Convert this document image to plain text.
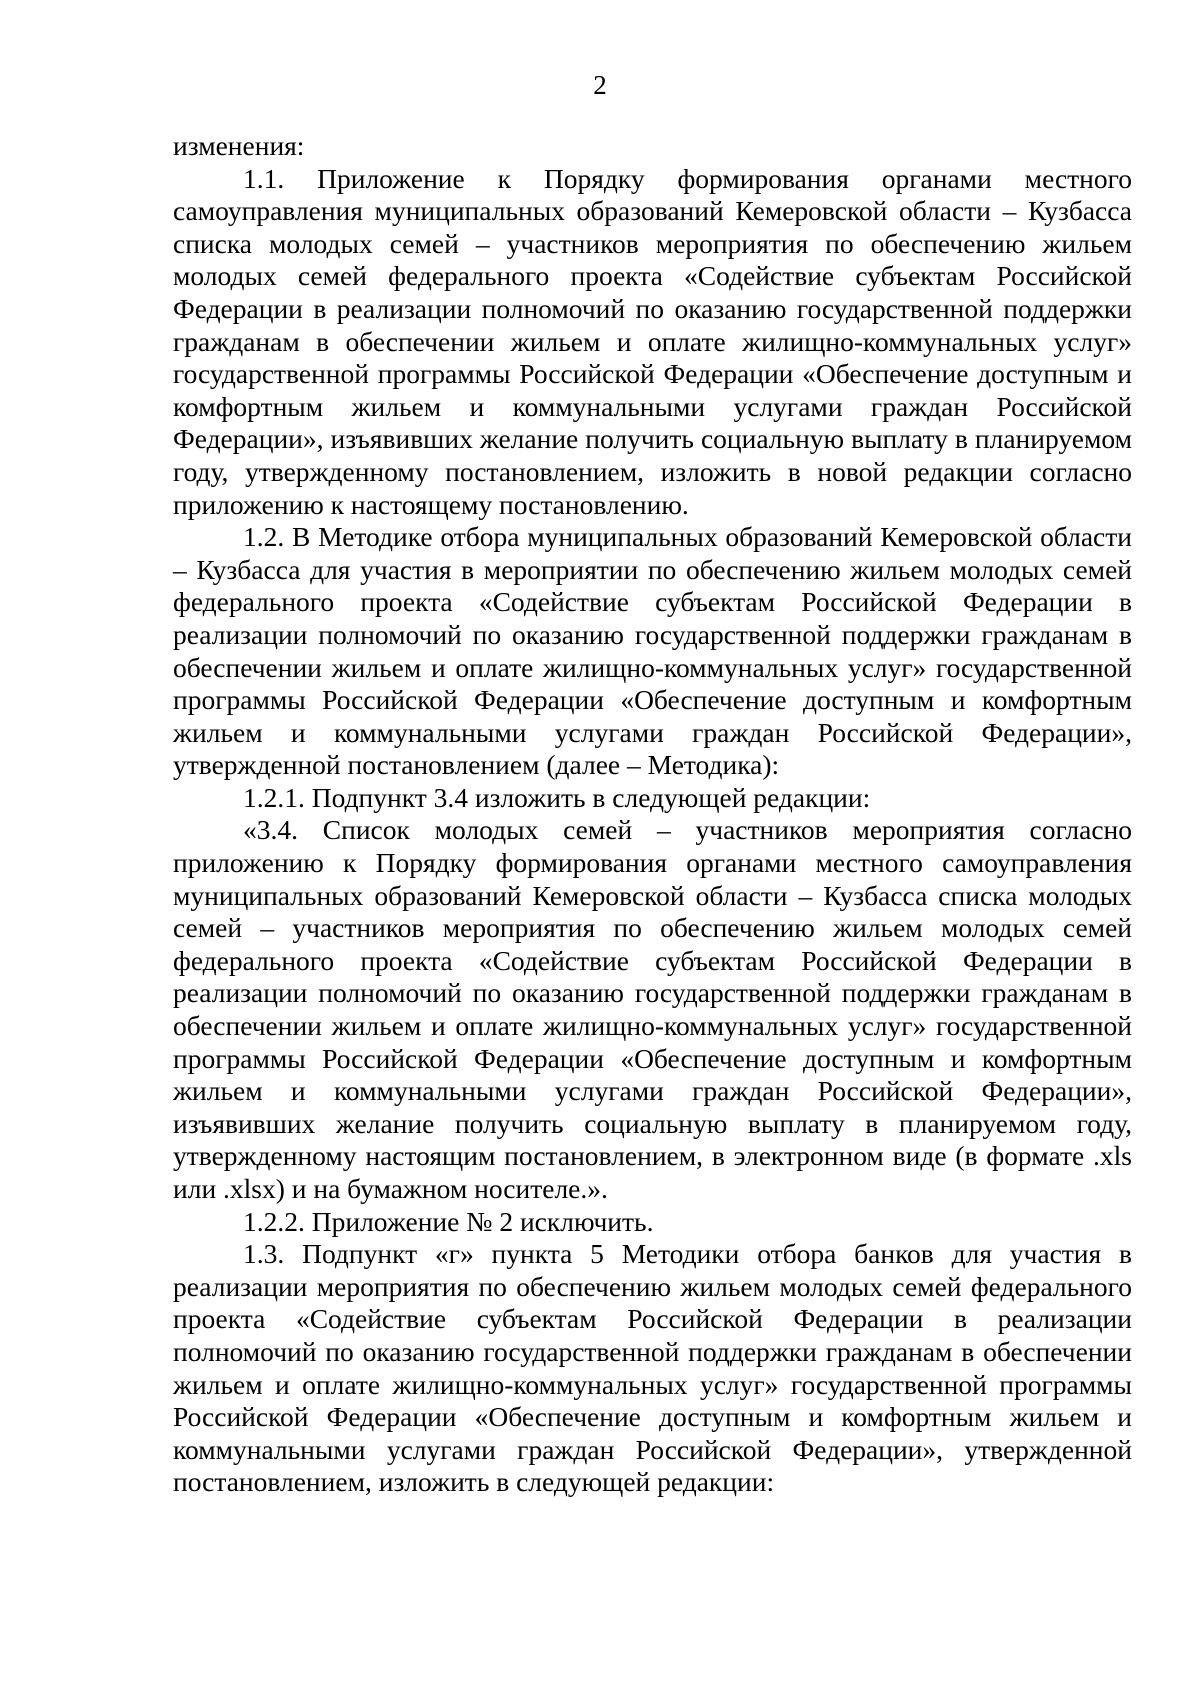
2

изменения:

1.1. Приложение к Порядку формирования органами местного самоуправления муниципальных образований Кемеровской области – Кузбасса списка молодых семей – участников мероприятия по обеспечению жильем молодых семей федерального проекта «Содействие субъектам Российской Федерации в реализации полномочий по оказанию государственной поддержки гражданам в обеспечении жильем и оплате жилищно-коммунальных услуг» государственной программы Российской Федерации «Обеспечение доступным и комфортным жильем и коммунальными услугами граждан Российской Федерации», изъявивших желание получить социальную выплату в планируемом году, утвержденному постановлением, изложить в новой редакции согласно приложению к настоящему постановлению.

1.2. В Методике отбора муниципальных образований Кемеровской области – Кузбасса для участия в мероприятии по обеспечению жильем молодых семей федерального проекта «Содействие субъектам Российской Федерации в реализации полномочий по оказанию государственной поддержки гражданам в обеспечении жильем и оплате жилищно-коммунальных услуг» государственной программы Российской Федерации «Обеспечение доступным и комфортным жильем и коммунальными услугами граждан Российской Федерации», утвержденной постановлением (далее – Методика):

1.2.1. Подпункт 3.4 изложить в следующей редакции:

«3.4. Список молодых семей – участников мероприятия согласно приложению к Порядку формирования органами местного самоуправления муниципальных образований Кемеровской области – Кузбасса списка молодых семей – участников мероприятия по обеспечению жильем молодых семей федерального проекта «Содействие субъектам Российской Федерации в реализации полномочий по оказанию государственной поддержки гражданам в обеспечении жильем и оплате жилищно-коммунальных услуг» государственной программы Российской Федерации «Обеспечение доступным и комфортным жильем и коммунальными услугами граждан Российской Федерации», изъявивших желание получить социальную выплату в планируемом году, утвержденному настоящим постановлением, в электронном виде (в формате .xls или .xlsx) и на бумажном носителе.».

1.2.2. Приложение № 2 исключить.

1.3. Подпункт «г» пункта 5 Методики отбора банков для участия в реализации мероприятия по обеспечению жильем молодых семей федерального проекта «Содействие субъектам Российской Федерации в реализации полномочий по оказанию государственной поддержки гражданам в обеспечении жильем и оплате жилищно-коммунальных услуг» государственной программы Российской Федерации «Обеспечение доступным и комфортным жильем и коммунальными услугами граждан Российской Федерации», утвержденной постановлением, изложить в следующей редакции:
